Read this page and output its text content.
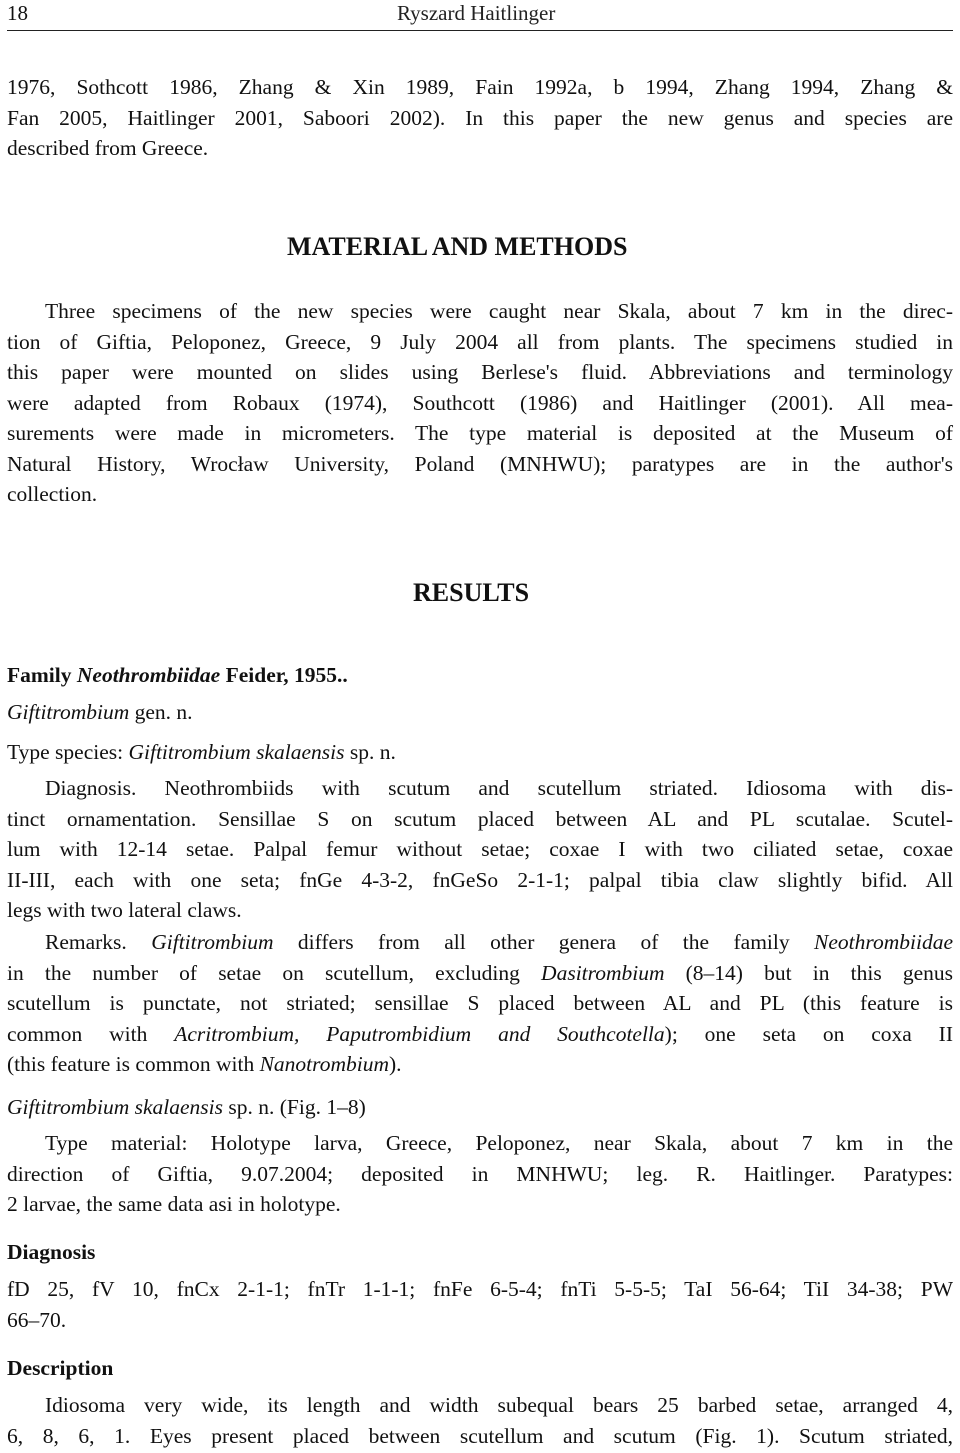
18	Ryszard Haitlinger
1976, Sothcott 1986, Zhang & Xin 1989, Fain 1992a, b 1994, Zhang 1994, Zhang &
Fan 2005, Haitlinger 2001, Saboori 2002). In this paper the new genus and species are
described from Greece.
MATERIAL AND METHODS
Three specimens of the new species were caught near Skala, about 7 km in the direc-
tion of Giftia, Peloponez, Greece, 9 July 2004 all from plants. The specimens studied in
this paper were mounted on slides using Berlese's fluid. Abbreviations and terminology
were adapted from Robaux (1974), Southcott (1986) and Haitlinger (2001). All mea-
surements were made in micrometers. The type material is deposited at the Museum of
Natural History, Wrocław University, Poland (MNHWU); paratypes are in the author's
collection.
RESULTS
Family Neothrombiidae Feider, 1955..
Giftitrombium gen. n.
Type species: Giftitrombium skalaensis sp. n.
Diagnosis. Neothrombiids with scutum and scutellum striated. Idiosoma with dis-
tinct ornamentation. Sensillae S on scutum placed between AL and PL scutalae. Scutel-
lum with 12-14 setae. Palpal femur without setae; coxae I with two ciliated setae, coxae
II-III, each with one seta; fnGe 4-3-2, fnGeSo 2-1-1; palpal tibia claw slightly bifid. All
legs with two lateral claws.
Remarks. Giftitrombium differs from all other genera of the family Neothrombiidae
in the number of setae on scutellum, excluding Dasitrombium (8–14) but in this genus
scutellum is punctate, not striated; sensillae S placed between AL and PL (this feature is
common with Acritrombium, Paputrombidium and Southcotella); one seta on coxa II
(this feature is common with Nanotrombium).
Giftitrombium skalaensis sp. n. (Fig. 1–8)
Type material: Holotype larva, Greece, Peloponez, near Skala, about 7 km in the
direction of Giftia, 9.07.2004; deposited in MNHWU; leg. R. Haitlinger. Paratypes:
2 larvae, the same data asi in holotype.
Diagnosis
fD 25, fV 10, fnCx 2-1-1; fnTr 1-1-1; fnFe 6-5-4; fnTi 5-5-5; TaI 56-64; TiI 34-38; PW
66–70.
Description
Idiosoma very wide, its length and width subequal bears 25 barbed setae, arranged 4,
6, 8, 6, 1. Eyes present placed between scutellum and scutum (Fig. 1). Scutum striated,
